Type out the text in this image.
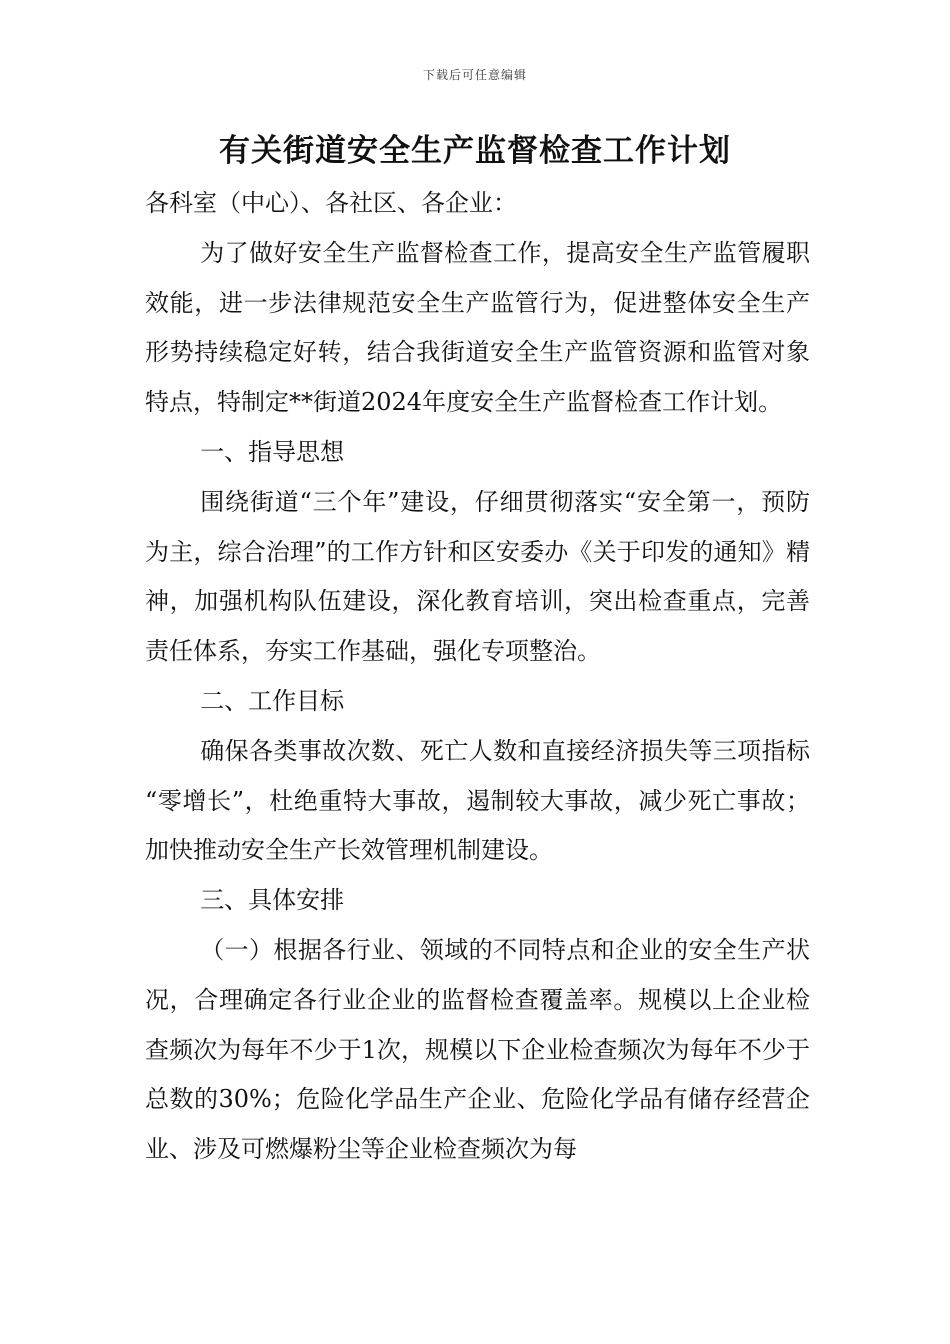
下载后可任意编辑
有关街道安全生产监督检查工作计划

各科室（中心）、各社区、各企业：

为了做好安全生产监督检查工作，提高安全生产监管履职效能，进一步法律规范安全生产监管行为，促进整体安全生产形势持续稳定好转，结合我街道安全生产监管资源和监管对象特点，特制定**街道2024年度安全生产监督检查工作计划。

一、指导思想

围绕街道“三个年”建设，仔细贯彻落实“安全第一，预防为主，综合治理”的工作方针和区安委办《关于印发的通知》精神，加强机构队伍建设，深化教育培训，突出检查重点，完善责任体系，夯实工作基础，强化专项整治。

二、工作目标

确保各类事故次数、死亡人数和直接经济损失等三项指标 “零增长”，杜绝重特大事故，遏制较大事故，减少死亡事故；加快推动安全生产长效管理机制建设。

三、具体安排

（一）根据各行业、领域的不同特点和企业的安全生产状况，合理确定各行业企业的监督检查覆盖率。规模以上企业检查频次为每年不少于1次，规模以下企业检查频次为每年不少于总数的30%；危险化学品生产企业、危险化学品有储存经营企业、涉及可燃爆粉尘等企业检查频次为每
